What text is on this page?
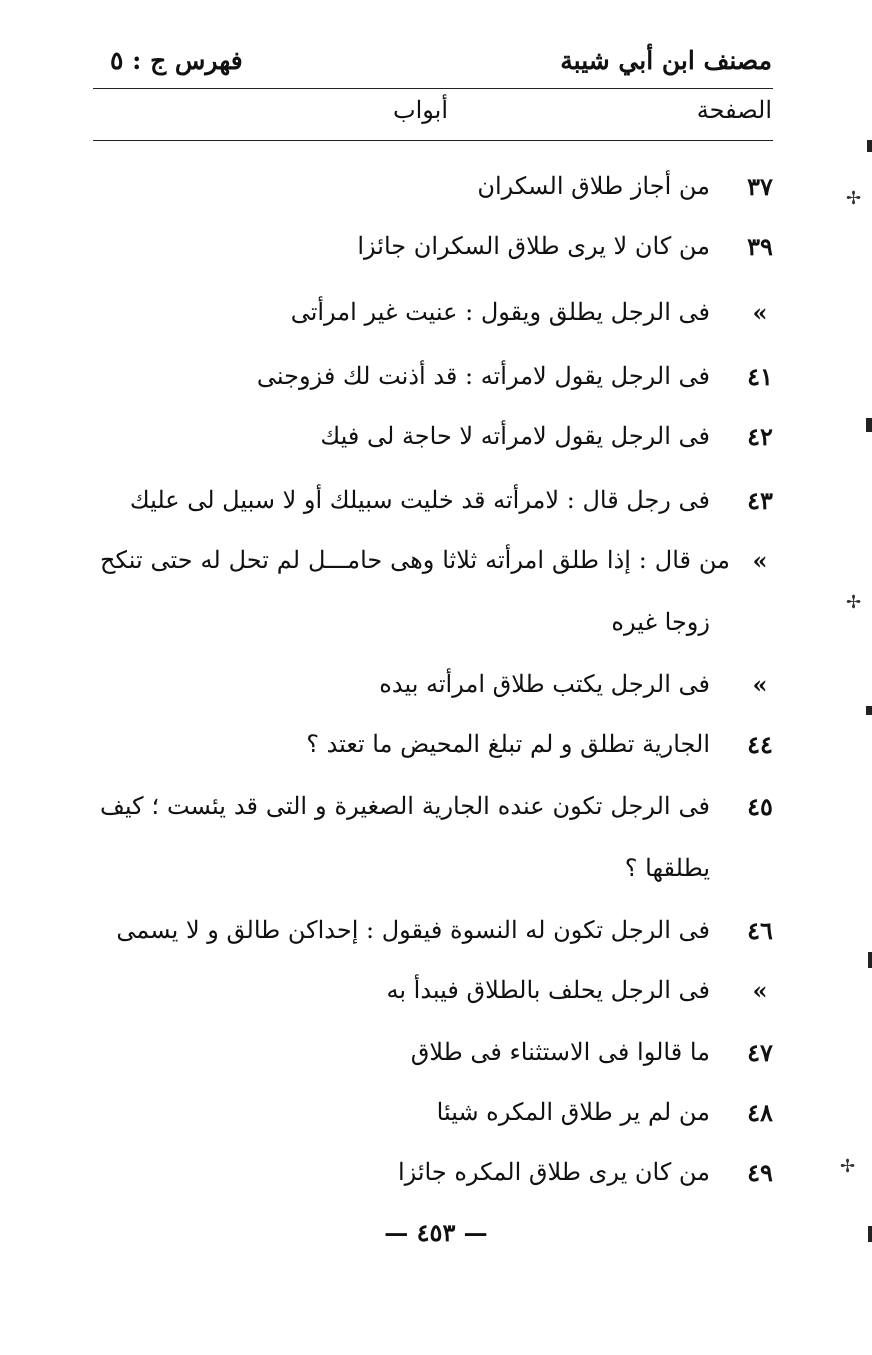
مصنف ابن أبي شيبة
فهرس ج : ٥
الصفحة
أبواب
٣٧
من أجاز طلاق السكران
٣٩
من كان لا يرى طلاق السكران جائزا
»
فى الرجل يطلق ويقول : عنيت غير امرأتى
٤١
فى الرجل يقول لامرأته : قد أذنت لك فزوجنى
٤٢
فى الرجل يقول لامرأته لا حاجة لى فيك
٤٣
فى رجل قال : لامرأته قد خليت سبيلك أو لا سبيل لى عليك
»
من قال : إذا طلق امرأته ثلاثا وهى حامـــل لم تحل له حتى تنكح
زوجا غيره
»
فى الرجل يكتب طلاق امرأته بيده
٤٤
الجارية تطلق و لم تبلغ المحيض ما تعتد ؟
٤٥
فى الرجل تكون عنده الجارية الصغيرة و التى قد يئست ؛ كيف
يطلقها ؟
٤٦
فى الرجل تكون له النسوة فيقول : إحداكن طالق و لا يسمى
»
فى الرجل يحلف بالطلاق فيبدأ به
٤٧
ما قالوا فى الاستثناء فى طلاق
٤٨
من لم ير طلاق المكره شيئا
٤٩
من كان يرى طلاق المكره جائزا
— ٤٥٣ —
✢
✢
✢
